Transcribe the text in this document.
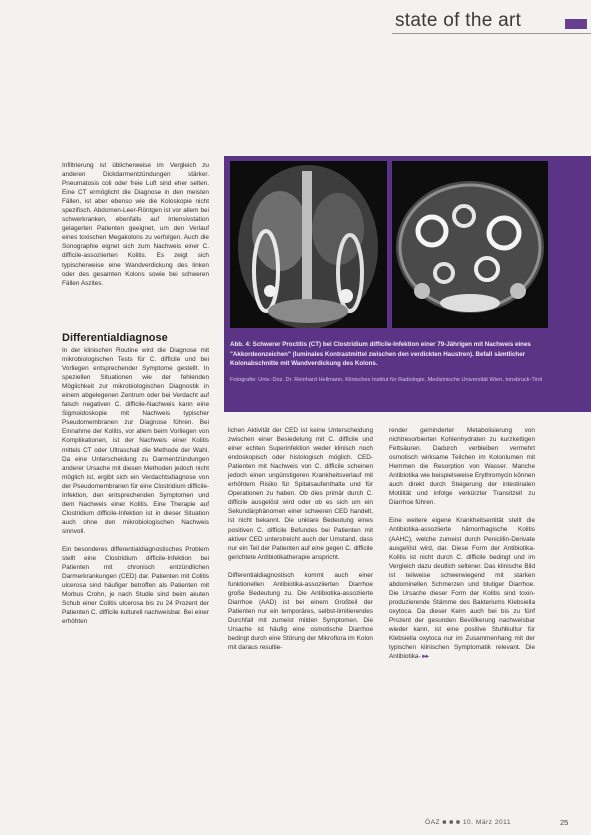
state of the art

Infiltrierung ist üblicherweise im Vergleich zu anderen Dickdarmentzündungen stärker. Pneumatosis coli oder freie Luft sind eher selten. Eine CT ermöglicht die Diagnose in den meisten Fällen, ist aber ebenso wie die Koloskopie nicht spezifisch. Abdomen-Leer-Röntgen ist vor allem bei schwerkranken, ebenfalls auf Intensivstation gelagerten Patienten geeignet, um den Verlauf eines toxischen Megakolons zu verfolgen. Auch die Sonographie eignet sich zum Nachweis einer C. difficile-assoziierten Kolitis. Es zeigt sich typischerweise eine Wandverdickung des linken oder des gesamten Kolons sowie bei schweren Fällen Aszites.

Differentialdiagnose

In der klinischen Routine wird die Diagnose mit mikrobiologischen Tests für C. difficile und bei Vorliegen entsprechender Symptome gestellt. In speziellen Situationen wie der fehlenden Möglichkeit zur mikrobiologischen Diagnostik in einem abgelegenen Zentrum oder bei Verdacht auf falsch negativen C. difficile-Nachweis kann eine Sigmoidoskopie mit Nachweis typischer Pseudomembranen zur Diagnose führen. Bei Einnahme der Kolitis, vor allem beim Vorliegen von Komplikationen, ist der Nachweis einer Kolitis mittels CT oder Ultraschall die Methode der Wahl. Da eine Unterscheidung zu Darmentzündungen anderer Ursache mit diesen Methoden jedoch nicht möglich ist, ergibt sich ein Verdachtsdiagnose von der Pseudomembranen für eine Clostridium difficile-Infektion, den entsprechenden Symptomen und dem Nachweis einer Kolitis. Eine Therapie auf Clostridium difficile-Infektion ist in dieser Situation auch ohne den mikrobiologischen Nachweis sinnvoll.

Ein besonderes differentialdiagnostisches Problem stellt eine Clostridium difficile-Infektion bei Patienten mit chronisch entzündlichen Darmerkrankungen (CED) dar. Patienten mit Colitis ulcerosa sind häufiger betroffen als Patienten mit Morbus Crohn, je nach Studie sind beim akuten Schub einer Colitis ulcerosa bis zu 24 Prozent der Patienten C. difficile kulturell nachweisbar. Bei einer erhöhten

Abb. 4: Schwerer Proctitis (CT) bei Clostridium difficile-Infektion einer 79-Jährigen mit Nachweis eines "Akkordeonzeichen" (luminales Kontrastmittel zwischen den verdickten Haustren). Befall sämtlicher Kolonabschnitte mit Wandverdickung des Kolons.
Fotografie: Univ.-Doz. Dr. Reinhard Hellmann, Klinisches Institut für Radiologie, Medizinische Universität Wien, Innsbruck-Tirol

lichen Aktivität der CED ist keine Unterscheidung zwischen einer Besiedelung mit C. difficile und einer echten Superinfektion weder klinisch noch endoskopisch oder histologisch möglich. CED-Patienten mit Nachweis von C. difficile scheinen jedoch einen ungünstigeren Krankheitsverlauf mit erhöhtem Risiko für Spitalsaufenthalte und für Operationen zu haben. Ob dies primär durch C. difficile ausgelöst wird oder ob es sich um ein Sekundärphänomen einer schweren CED handelt, ist nicht bekannt. Die unklare Bedeutung eines positiven C. difficile Befundes bei Patienten mit aktiver CED unterstreicht auch der Umstand, dass nur ein Teil der Patienten auf eine gegen C. difficile gerichtete Antibiotikatherapie anspricht.

Differentialdiagnostisch kommt auch einer funktionellen Antibiotika-assoziierten Diarrhoe große Bedeutung zu. Die Antibiotika-assoziierte Diarrhoe (AAD) ist bei einem Großteil der Patienten nur ein temporäres, selbst-limitierendes Durchfall mit zumeist milden Symptomen. Die Ursache ist häufig eine osmotische Diarrhoe bedingt durch eine Störung der Mikroflora im Kolon mit daraus resultie-

render geminderter Metabolisierung von nichtresorbierten Kohlenhydraten zu kurzkettigen Fettsäuren. Dadurch verbleiben vermehrt osmotisch wirksame Teilchen im Kolonlumen mit Hemmen die Resorption von Wasser. Manche Antibiotika wie beispielsweise Erythromycin können auch direkt durch Steigerung der intestinalen Motilität und infolge verkürzter Transitzeit zu Diarrhoe führen.

Eine weitere eigene Krankheitsentität stellt die Antibiotika-assoziierte hämorrhagische Kolitis (AAHC), welche zumeist durch Penicillin-Derivate ausgelöst wird, dar. Diese Form der Antibiotika-Kolitis ist nicht durch C. difficile bedingt und im Vergleich dazu deutlich seltener. Das klinische Bild ist teilweise schwerwiegend mit starken abdominellen Schmerzen und blutiger Diarrhoe. Die Ursache dieser Form der Kolitis sind toxin-produzierende Stämme des Bakteriums Klebsiella oxytoca. Da dieser Keim auch bei bis zu fünf Prozent der gesunden Bevölkerung nachweisbar wieder kann, ist eine positive Stuhlkultur für Klebsiella oxytoca nur im Zusammenhang mit der typischen klinischen Symptomatik relevant. Die Antibiotika- ▸▸

ÖAZ ■ ■ ■ 10. März 2011	25
